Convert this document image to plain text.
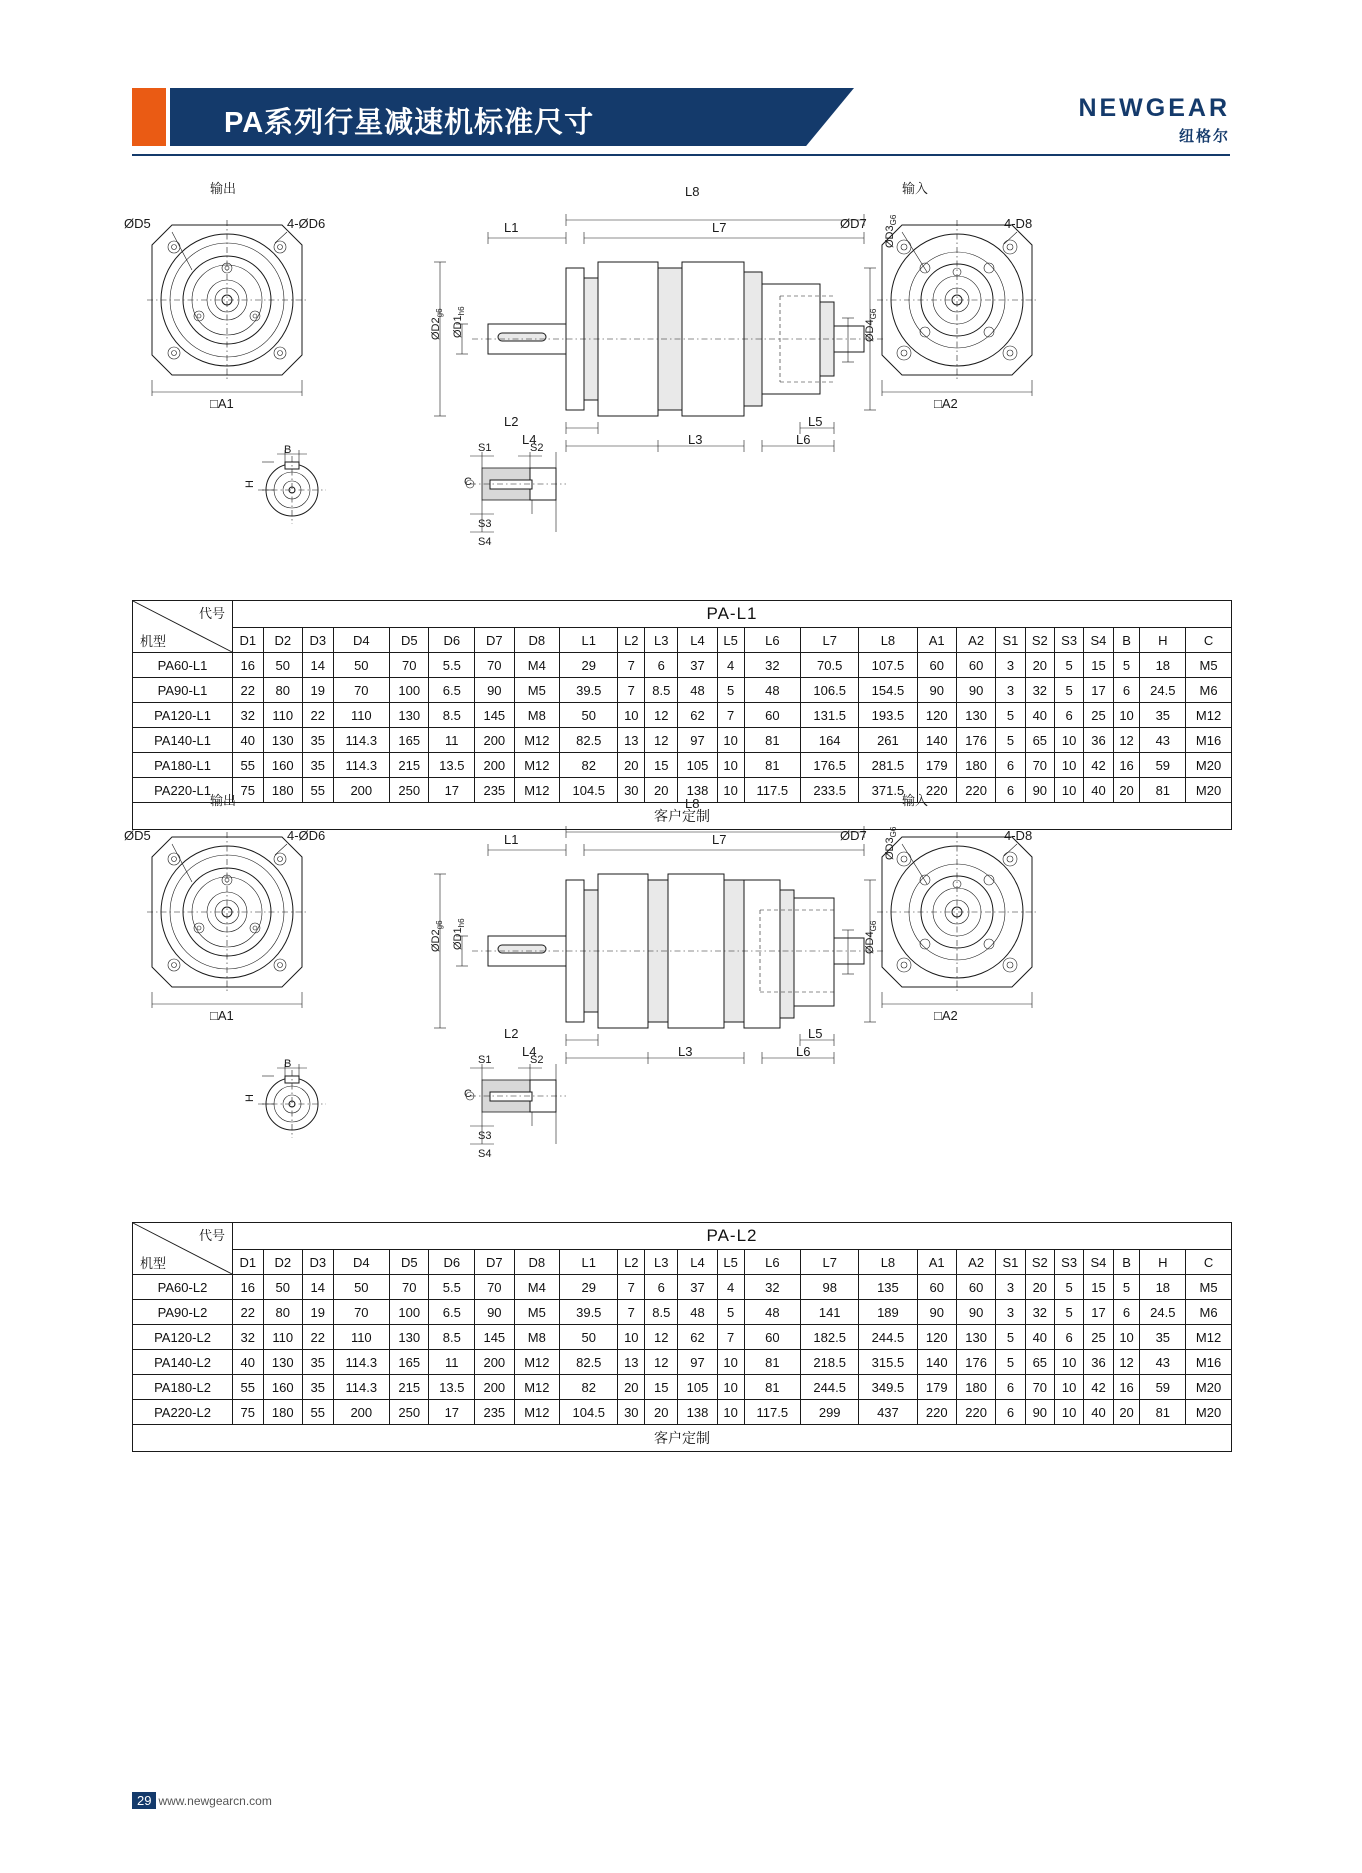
PA系列行星减速机标准尺寸	NEWGEAR
纽格尔
输出	输入
ØD5	4-ØD6
□A1
B
H
L8
L1	L7
$ØD2_{g6}$
$ØD1_{h6}$
$ØD3_{G6}$
$ØD4_{G6}$
L2
L4	L3
L5
L6
S1	S2
S3
S4
C
ØD7	4-D8
□A2
代号
机型	PA-L1																								
	D1	D2	D3	D4	D5	D6	D7	D8	L1	L2	L3	L4	L5	L6	L7	L8	A1	A2	S1	S2	S3	S4	B	H	C
PA60-L1	16	50	14	50	70	5.5	70	M4	29	7	6	37	4	32	70.5	107.5	60	60	3	20	5	15	5	18	M5
PA90-L1	22	80	19	70	100	6.5	90	M5	39.5	7	8.5	48	5	48	106.5	154.5	90	90	3	32	5	17	6	24.5	M6
PA120-L1	32	110	22	110	130	8.5	145	M8	50	10	12	62	7	60	131.5	193.5	120	130	5	40	6	25	10	35	M12
PA140-L1	40	130	35	114.3	165	11	200	M12	82.5	13	12	97	10	81	164	261	140	176	5	65	10	36	12	43	M16
PA180-L1	55	160	35	114.3	215	13.5	200	M12	82	20	15	105	10	81	176.5	281.5	179	180	6	70	10	42	16	59	M20
PA220-L1	75	180	55	200	250	17	235	M12	104.5	30	20	138	10	117.5	233.5	371.5	220	220	6	90	10	40	20	81	M20
客户定制																									
输出	输入
ØD5	4-ØD6
□A1
B
H
L8
L1	L7
$ØD2_{g6}$
$ØD1_{h6}$
$ØD3_{G6}$
$ØD4_{G6}$
L2
L4	L3
L5
L6
S1	S2
S3
S4
C
ØD7	4-D8
□A2
代号
机型	PA-L2																								
	D1	D2	D3	D4	D5	D6	D7	D8	L1	L2	L3	L4	L5	L6	L7	L8	A1	A2	S1	S2	S3	S4	B	H	C
PA60-L2	16	50	14	50	70	5.5	70	M4	29	7	6	37	4	32	98	135	60	60	3	20	5	15	5	18	M5
PA90-L2	22	80	19	70	100	6.5	90	M5	39.5	7	8.5	48	5	48	141	189	90	90	3	32	5	17	6	24.5	M6
PA120-L2	32	110	22	110	130	8.5	145	M8	50	10	12	62	7	60	182.5	244.5	120	130	5	40	6	25	10	35	M12
PA140-L2	40	130	35	114.3	165	11	200	M12	82.5	13	12	97	10	81	218.5	315.5	140	176	5	65	10	36	12	43	M16
PA180-L2	55	160	35	114.3	215	13.5	200	M12	82	20	15	105	10	81	244.5	349.5	179	180	6	70	10	42	16	59	M20
PA220-L2	75	180	55	200	250	17	235	M12	104.5	30	20	138	10	117.5	299	437	220	220	6	90	10	40	20	81	M20
客户定制																									
29 www.newgearcn.com
